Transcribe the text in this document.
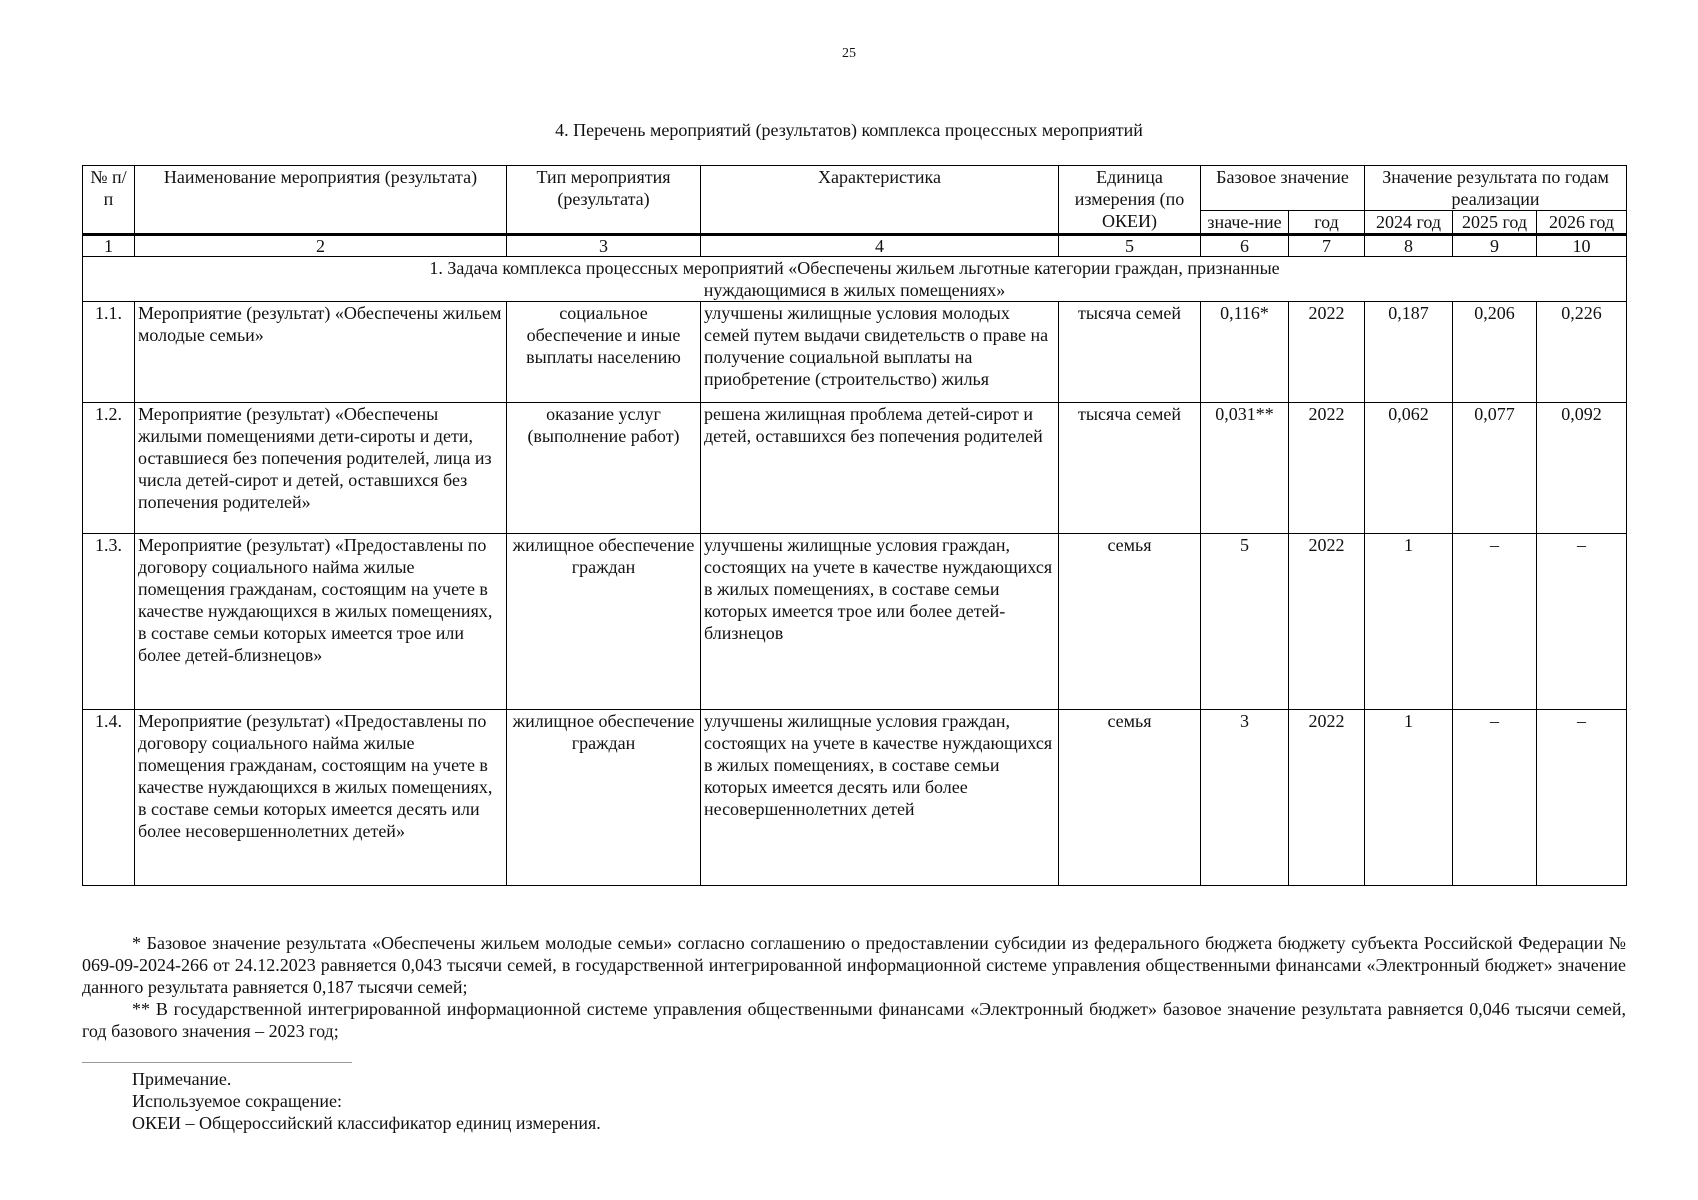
25
4. Перечень мероприятий (результатов) комплекса процессных мероприятий
№ п/п	Наименование мероприятия (результата)	Тип мероприятия (результата)	Характеристика	Единица измерения (по ОКЕИ)	Базовое значение		Значение результата по годам реализации		
					значе-ние	год	2024 год	2025 год	2026 год
1	2	3	4	5	6	7	8	9	10
1. Задача комплекса процессных мероприятий «Обеспечены жильем льготные категории граждан, признанные нуждающимися в жилых помещениях»									
1.1.	Мероприятие (результат) «Обеспечены жильем молодые семьи»	социальное обеспечение и иные выплаты населению	улучшены жилищные условия молодых семей путем выдачи свидетельств о праве на получение социальной выплаты на приобретение (строительство) жилья	тысяча семей	0,116*	2022	0,187	0,206	0,226
1.2.	Мероприятие (результат) «Обеспечены жилыми помещениями дети-сироты и дети, оставшиеся без попечения родителей, лица из числа детей-сирот и детей, оставшихся без попечения родителей»	оказание услуг (выполнение работ)	решена жилищная проблема детей-сирот и детей, оставшихся без попечения родителей	тысяча семей	0,031**	2022	0,062	0,077	0,092
1.3.	Мероприятие (результат) «Предоставлены по договору социального найма жилые помещения гражданам, состоящим на учете в качестве нуждающихся в жилых помещениях, в составе семьи которых имеется трое или более детей-близнецов»	жилищное обеспечение граждан	улучшены жилищные условия граждан, состоящих на учете в качестве нуждающихся в жилых помещениях, в составе семьи которых имеется трое или более детей-близнецов	семья	5	2022	1	–	–
1.4.	Мероприятие (результат) «Предоставлены по договору социального найма жилые помещения гражданам, состоящим на учете в качестве нуждающихся в жилых помещениях, в составе семьи которых имеется десять или более несовершеннолетних детей»	жилищное обеспечение граждан	улучшены жилищные условия граждан, состоящих на учете в качестве нуждающихся в жилых помещениях, в составе семьи которых имеется десять или более несовершеннолетних детей	семья	3	2022	1	–	–

* Базовое значение результата «Обеспечены жильем молодые семьи» согласно соглашению о предоставлении субсидии из федерального бюджета бюджету субъекта Российской Федерации № 069-09-2024-266 от 24.12.2023 равняется 0,043 тысячи семей, в государственной интегрированной информационной системе управления общественными финансами «Электронный бюджет» значение данного результата равняется 0,187 тысячи семей;

** В государственной интегрированной информационной системе управления общественными финансами «Электронный бюджет» базовое значение результата равняется 0,046 тысячи семей, год базового значения – 2023 год;

Примечание.
Используемое сокращение:
ОКЕИ – Общероссийский классификатор единиц измерения.
